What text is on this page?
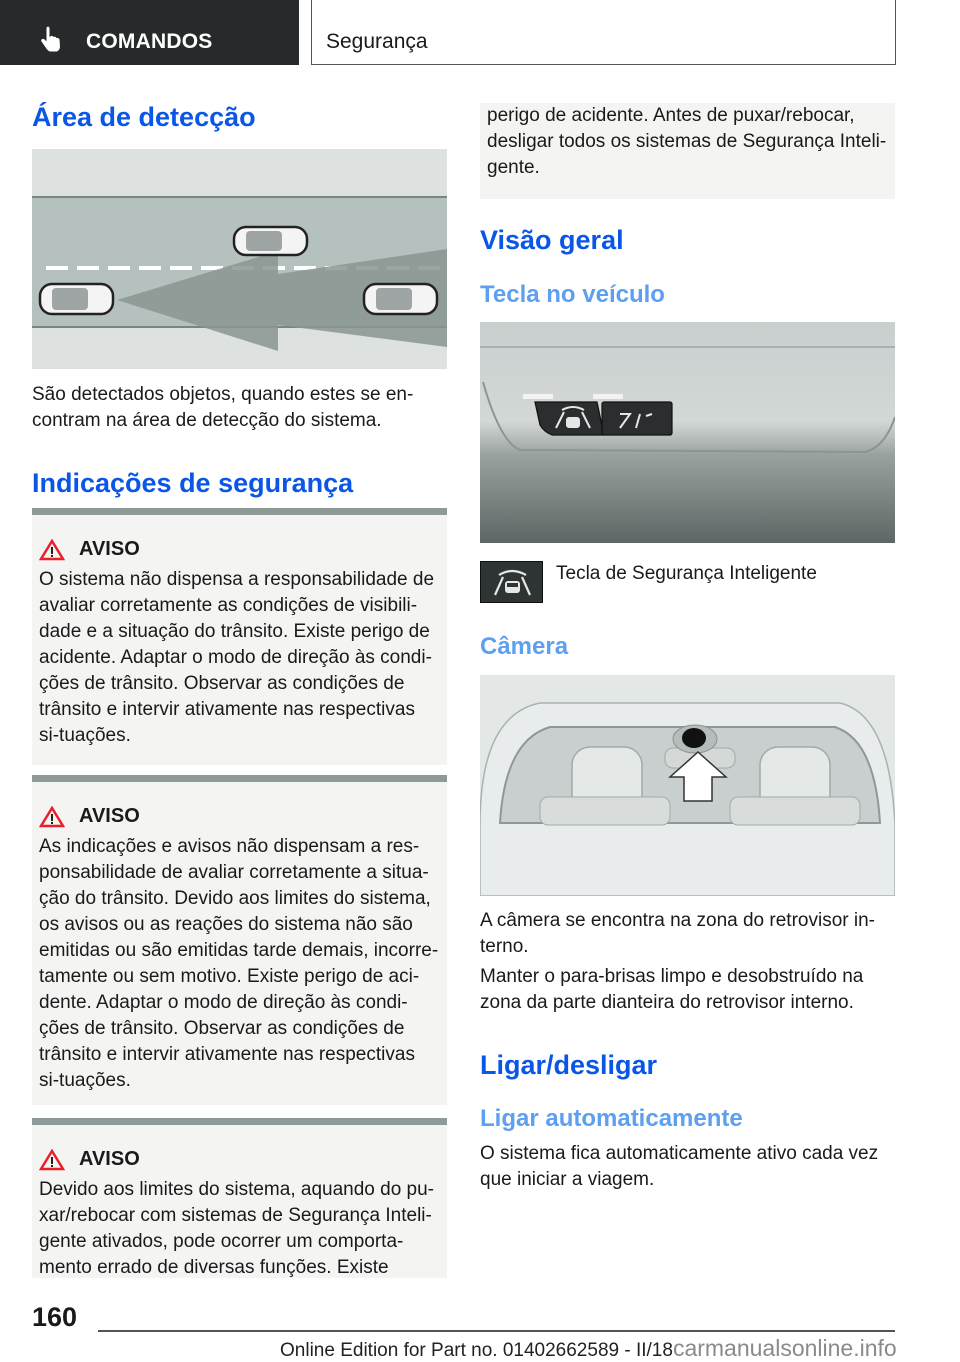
COMANDOS	Segurança
Área de detecção
São detectados objetos, quando estes se en-contram na área de detecção do sistema.
Indicações de segurança
AVISO
O sistema não dispensa a responsabilidade de avaliar corretamente as condições de visibili-dade e a situação do trânsito. Existe perigo de acidente. Adaptar o modo de direção às condi-ções de trânsito. Observar as condições de trânsito e intervir ativamente nas respectivas si-tuações.
AVISO
As indicações e avisos não dispensam a res-ponsabilidade de avaliar corretamente a situa-ção do trânsito. Devido aos limites do sistema, os avisos ou as reações do sistema não são emitidas ou são emitidas tarde demais, incorre-tamente ou sem motivo. Existe perigo de aci-dente. Adaptar o modo de direção às condi-ções de trânsito. Observar as condições de trânsito e intervir ativamente nas respectivas si-tuações.
AVISO
Devido aos limites do sistema, aquando do pu-xar/rebocar com sistemas de Segurança Inteli-gente ativados, pode ocorrer um comporta-mento errado de diversas funções. Existe
perigo de acidente. Antes de puxar/rebocar, desligar todos os sistemas de Segurança Inteli-gente.
Visão geral
Tecla no veículo
Tecla de Segurança Inteligente
Câmera
A câmera se encontra na zona do retrovisor in-terno.
Manter o para-brisas limpo e desobstruído na zona da parte dianteira do retrovisor interno.
Ligar/desligar
Ligar automaticamente
O sistema fica automaticamente ativo cada vez que iniciar a viagem.
160
Online Edition for Part no. 01402662589 - II/18carmanualsonline.info
